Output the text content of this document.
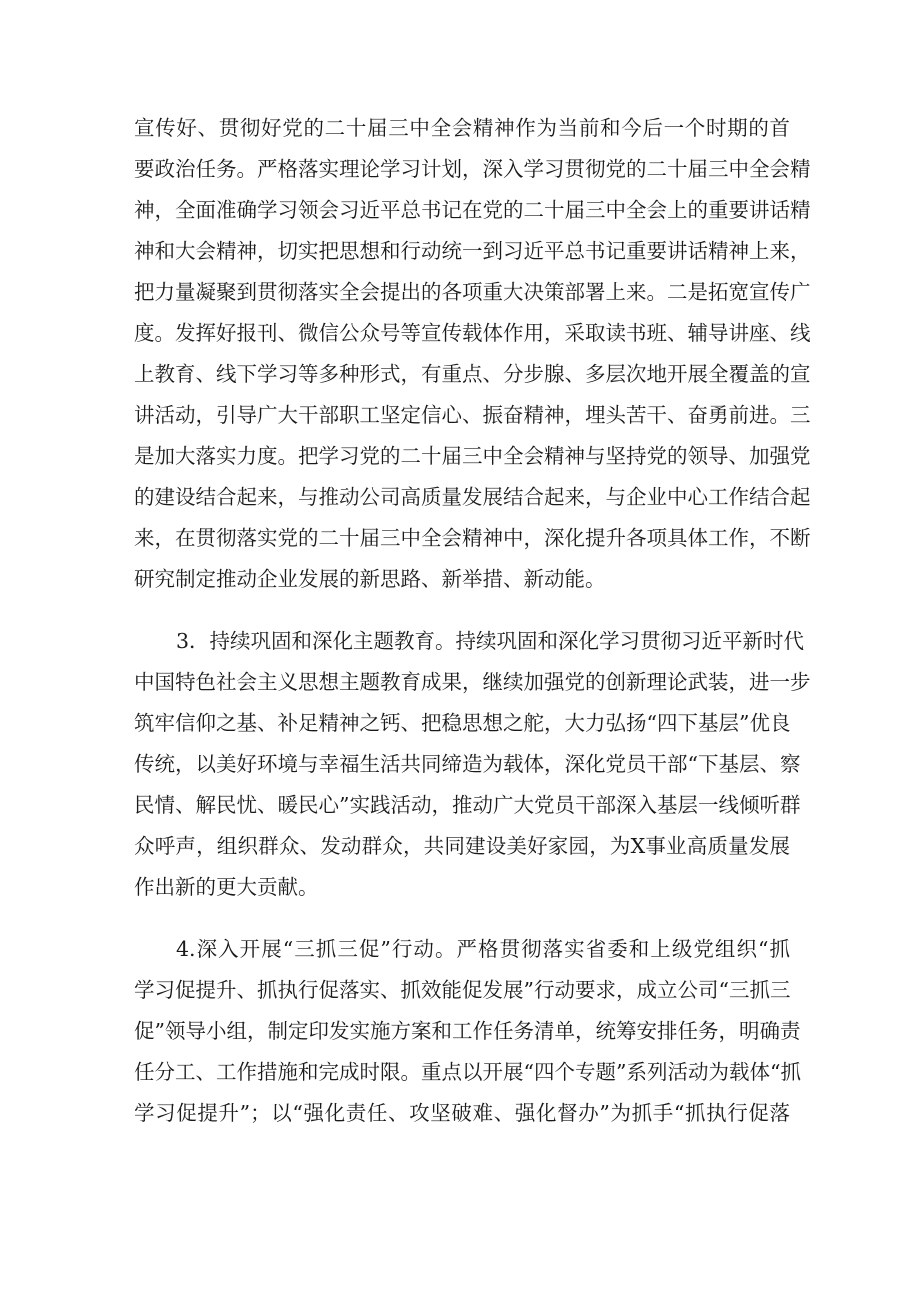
宣传好、贯彻好党的二十届三中全会精神作为当前和今后一个时期的首
要政治任务。严格落实理论学习计划，深入学习贯彻党的二十届三中全会精
神，全面准确学习领会习近平总书记在党的二十届三中全会上的重要讲话精
神和大会精神，切实把思想和行动统一到习近平总书记重要讲话精神上来，
把力量凝聚到贯彻落实全会提出的各项重大决策部署上来。二是拓宽宣传广
度。发挥好报刊、微信公众号等宣传载体作用，采取读书班、辅导讲座、线
上教育、线下学习等多种形式，有重点、分步腺、多层次地开展全覆盖的宣
讲活动，引导广大干部职工坚定信心、振奋精神，埋头苦干、奋勇前进。三
是加大落实力度。把学习党的二十届三中全会精神与坚持党的领导、加强党
的建设结合起来，与推动公司高质量发展结合起来，与企业中心工作结合起
来，在贯彻落实党的二十届三中全会精神中，深化提升各项具体工作，不断
研究制定推动企业发展的新思路、新举措、新动能。
3．持续巩固和深化主题教育。持续巩固和深化学习贯彻习近平新时代
中国特色社会主义思想主题教育成果，继续加强党的创新理论武装，进一步
筑牢信仰之基、补足精神之钙、把稳思想之舵，大力弘扬“四下基层”优良
传统，以美好环境与幸福生活共同缔造为载体，深化党员干部“下基层、察
民情、解民忧、暖民心”实践活动，推动广大党员干部深入基层一线倾听群
众呼声，组织群众、发动群众，共同建设美好家园，为X事业高质量发展
作出新的更大贡献。
4.深入开展“三抓三促”行动。严格贯彻落实省委和上级党组织“抓
学习促提升、抓执行促落实、抓效能促发展”行动要求，成立公司“三抓三
促”领导小组，制定印发实施方案和工作任务清单，统筹安排任务，明确责
任分工、工作措施和完成时限。重点以开展“四个专题”系列活动为载体“抓
学习促提升”；以“强化责任、攻坚破难、强化督办”为抓手“抓执行促落
